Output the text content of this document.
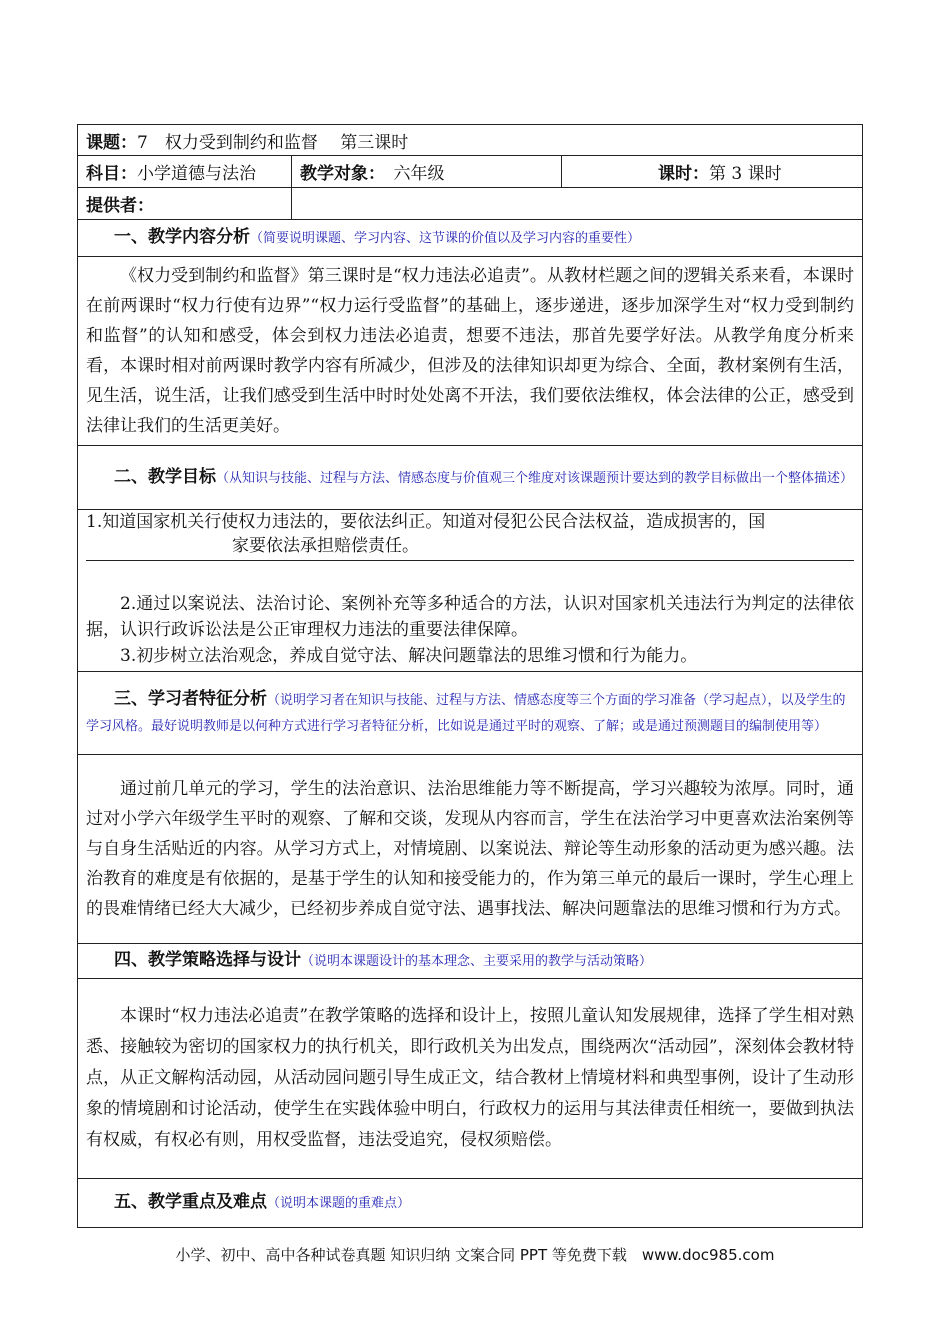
课题：7　权力受到制约和监督　 第三课时		
科目：小学道德与法治	教学对象：　 六年级	课时：第 3 课时
提供者：		
一、教学内容分析（简要说明课题、学习内容、这节课的价值以及学习内容的重要性）		
《权力受到制约和监督》第三课时是“权力违法必追责”。从教材栏题之间的逻辑关系来看，本课时在前两课时“权力行使有边界”“权力运行受监督”的基础上，逐步递进，逐步加深学生对“权力受到制约和监督”的认知和感受，体会到权力违法必追责，想要不违法，那首先要学好法。从教学角度分析来看，本课时相对前两课时教学内容有所减少，但涉及的法律知识却更为综合、全面，教材案例有生活，见生活，说生活，让我们感受到生活中时时处处离不开法，我们要依法维权，体会法律的公正，感受到法律让我们的生活更美好。		
二、教学目标（从知识与技能、过程与方法、情感态度与价值观三个维度对该课题预计要达到的教学目标做出一个整体描述）		

1.知道国家机关行使权力违法的，要依法纠正。知道对侵犯公民合法权益，造成损害的，国
家要依法承担赔偿责任。
2.通过以案说法、法治讨论、案例补充等多种适合的方法，认识对国家机关违法行为判定的法律依据，认识行政诉讼法是公正审理权力违法的重要法律保障。
3.初步树立法治观念，养成自觉守法、解决问题靠法的思维习惯和行为能力。		

三、学习者特征分析（说明学习者在知识与技能、过程与方法、情感态度等三个方面的学习准备（学习起点），以及学生的学习风格。最好说明教师是以何种方式进行学习者特征分析，比如说是通过平时的观察、了解；或是通过预测题目的编制使用等）		
通过前几单元的学习，学生的法治意识、法治思维能力等不断提高，学习兴趣较为浓厚。同时，通过对小学六年级学生平时的观察、了解和交谈，发现从内容而言，学生在法治学习中更喜欢法治案例等与自身生活贴近的内容。从学习方式上，对情境剧、以案说法、辩论等生动形象的活动更为感兴趣。法治教育的难度是有依据的，是基于学生的认知和接受能力的，作为第三单元的最后一课时，学生心理上的畏难情绪已经大大减少，已经初步养成自觉守法、遇事找法、解决问题靠法的思维习惯和行为方式。		
四、教学策略选择与设计（说明本课题设计的基本理念、主要采用的教学与活动策略）		
本课时“权力违法必追责”在教学策略的选择和设计上，按照儿童认知发展规律，选择了学生相对熟悉、接触较为密切的国家权力的执行机关，即行政机关为出发点，围绕两次“活动园”，深刻体会教材特点，从正文解构活动园，从活动园问题引导生成正文，结合教材上情境材料和典型事例，设计了生动形象的情境剧和讨论活动，使学生在实践体验中明白，行政权力的运用与其法律责任相统一，要做到执法有权威，有权必有则，用权受监督，违法受追究，侵权须赔偿。		
五、教学重点及难点（说明本课题的重难点）		
小学、初中、高中各种试卷真题 知识归纳 文案合同 PPT 等免费下载　www.doc985.com
